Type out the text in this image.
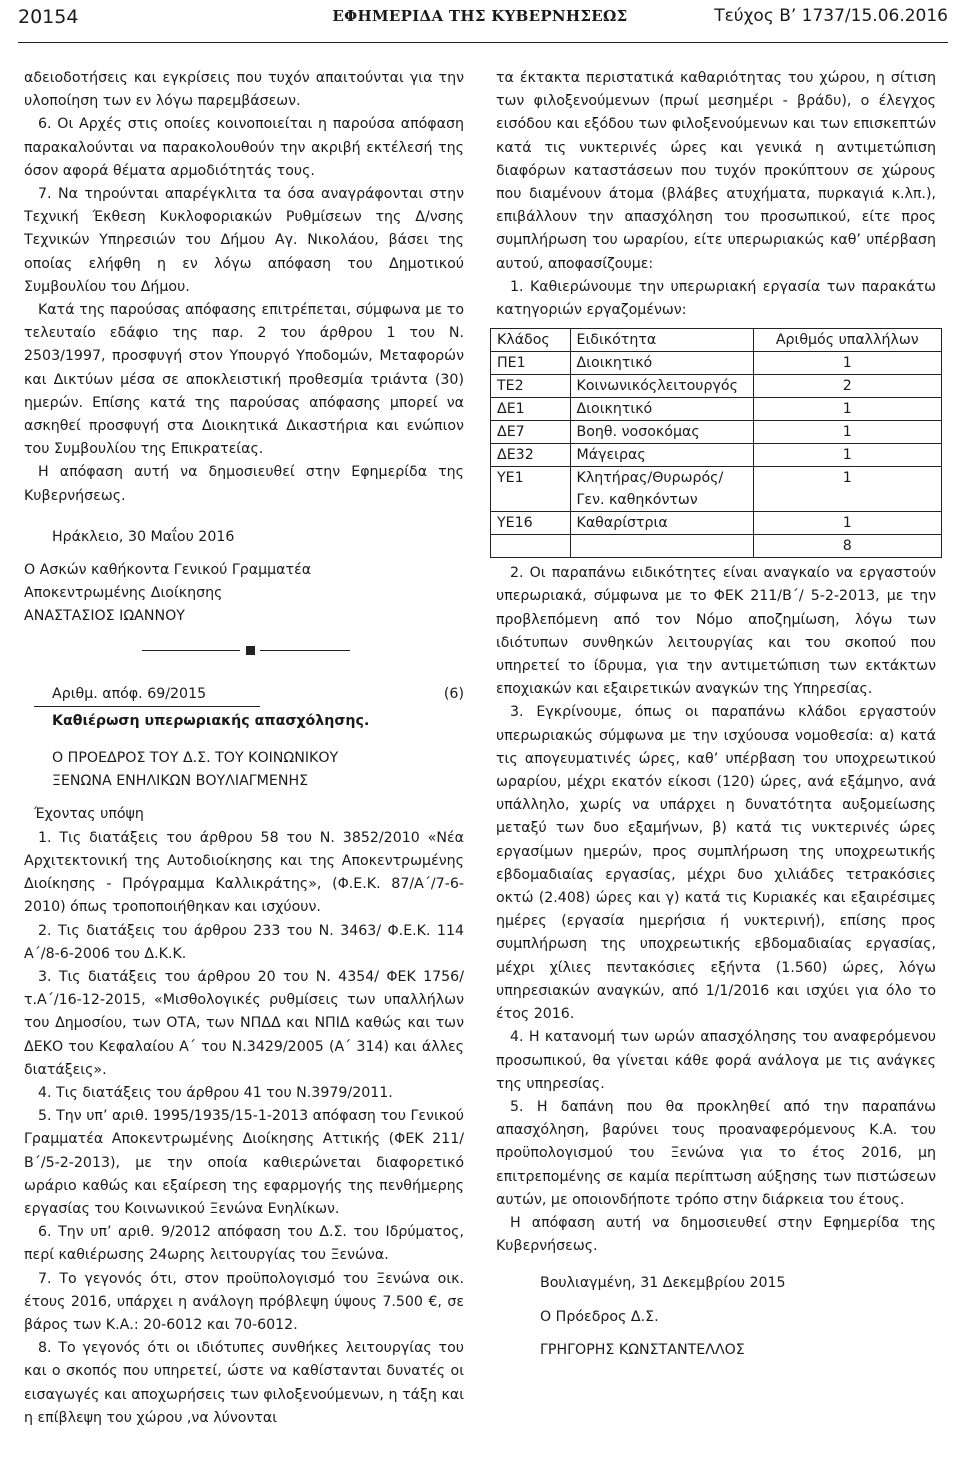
20154	ΕΦΗΜΕΡΙΔΑ ΤΗΣ ΚΥΒΕΡΝΗΣΕΩΣ	Τεύχος Β’ 1737/15.06.2016

αδειοδοτήσεις και εγκρίσεις που τυχόν απαιτούνται για την υλοποίηση των εν λόγω παρεμβάσεων.

6. Οι Αρχές στις οποίες κοινοποιείται η παρούσα απόφαση παρακαλούνται να παρακολουθούν την ακριβή εκτέλεσή της όσον αφορά θέματα αρμοδιότητάς τους.

7. Να τηρούνται απαρέγκλιτα τα όσα αναγράφονται στην Τεχνική Έκθεση Κυκλοφοριακών Ρυθμίσεων της Δ/νσης Τεχνικών Υπηρεσιών του Δήμου Αγ. Νικολάου, βάσει της οποίας ελήφθη η εν λόγω απόφαση του Δημοτικού Συμβουλίου του Δήμου.

Κατά της παρούσας απόφασης επιτρέπεται, σύμφωνα με το τελευταίο εδάφιο της παρ. 2 του άρθρου 1 του Ν. 2503/1997, προσφυγή στον Υπουργό Υποδομών, Μεταφορών και Δικτύων μέσα σε αποκλειστική προθεσμία τριάντα (30) ημερών. Επίσης κατά της παρούσας απόφασης μπορεί να ασκηθεί προσφυγή στα Διοικητικά Δικαστήρια και ενώπιον του Συμβουλίου της Επικρατείας.

Η απόφαση αυτή να δημοσιευθεί στην Εφημερίδα της Κυβερνήσεως.

Ηράκλειο, 30 Μαΐου 2016

Ο Ασκών καθήκοντα Γενικού Γραμματέα

Αποκεντρωμένης Διοίκησης

ΑΝΑΣΤΑΣΙΟΣ ΙΩΑΝΝΟΥ

Αριθμ. απόφ. 69/2015	(6)

Καθιέρωση υπερωριακής απασχόλησης.

Ο ΠΡΟΕΔΡΟΣ ΤΟΥ Δ.Σ. ΤΟΥ ΚΟΙΝΩΝΙΚΟΥ

ΞΕΝΩΝΑ ΕΝΗΛΙΚΩΝ ΒΟΥΛΙΑΓΜΕΝΗΣ

Έχοντας υπόψη

1. Τις διατάξεις του άρθρου 58 του Ν. 3852/2010 «Νέα Αρχιτεκτονική της Αυτοδιοίκησης και της Αποκεντρωμένης Διοίκησης - Πρόγραμμα Καλλικράτης», (Φ.Ε.Κ. 87/Α΄/7-6-2010) όπως τροποποιήθηκαν και ισχύουν.

2. Τις διατάξεις του άρθρου 233 του Ν. 3463/ Φ.Ε.Κ. 114 Α΄/8-6-2006 του Δ.Κ.Κ.

3. Τις διατάξεις του άρθρου 20 του Ν. 4354/ ΦΕΚ 1756/τ.Α΄/16-12-2015, «Μισθολογικές ρυθμίσεις των υπαλλήλων του Δημοσίου, των ΟΤΑ, των ΝΠΔΔ και ΝΠΙΔ καθώς και των ΔΕΚΟ του Κεφαλαίου Α΄ του Ν.3429/2005 (Α΄ 314) και άλλες διατάξεις».

4. Τις διατάξεις του άρθρου 41 του Ν.3979/2011.

5. Την υπ’ αριθ. 1995/1935/15-1-2013 απόφαση του Γενικού Γραμματέα Αποκεντρωμένης Διοίκησης Αττικής (ΦΕΚ 211/Β΄/5-2-2013), με την οποία καθιερώνεται διαφορετικό ωράριο καθώς και εξαίρεση της εφαρμογής της πενθήμερης εργασίας του Κοινωνικού Ξενώνα Ενηλίκων.

6. Την υπ’ αριθ. 9/2012 απόφαση του Δ.Σ. του Ιδρύματος, περί καθιέρωσης 24ωρης λειτουργίας του Ξενώνα.

7. Το γεγονός ότι, στον προϋπολογισμό του Ξενώνα οικ. έτους 2016, υπάρχει η ανάλογη πρόβλεψη ύψους 7.500 €, σε βάρος των Κ.Α.: 20-6012 και 70-6012.

8. Το γεγονός ότι οι ιδιότυπες συνθήκες λειτουργίας του και ο σκοπός που υπηρετεί, ώστε να καθίστανται δυνατές οι εισαγωγές και αποχωρήσεις των φιλοξενούμενων, η τάξη και η επίβλεψη του χώρου ,να λύνονται

τα έκτακτα περιστατικά καθαριότητας του χώρου, η σίτιση των φιλοξενούμενων (πρωί μεσημέρι - βράδυ), ο έλεγχος εισόδου και εξόδου των φιλοξενούμενων και των επισκεπτών κατά τις νυκτερινές ώρες και γενικά η αντιμετώπιση διαφόρων καταστάσεων που τυχόν προκύπτουν σε χώρους που διαμένουν άτομα (βλάβες ατυχήματα, πυρκαγιά κ.λπ.), επιβάλλουν την απασχόληση του προσωπικού, είτε προς συμπλήρωση του ωραρίου, είτε υπερωριακώς καθ’ υπέρβαση αυτού, αποφασίζουμε:

1. Καθιερώνουμε την υπερωριακή εργασία των παρακάτω κατηγοριών εργαζομένων:

Κλάδος	Ειδικότητα	Αριθμός υπαλλήλων
ΠΕ1	Διοικητικό	1
ΤΕ2	Κοινωνικόςλειτουργός	2
ΔΕ1	Διοικητικό	1
ΔΕ7	Βοηθ. νοσοκόμας	1
ΔΕ32	Μάγειρας	1
ΥΕ1	Κλητήρας/Θυρωρός/ Γεν. καθηκόντων	1
ΥΕ16	Καθαρίστρια	1
		8

2. Οι παραπάνω ειδικότητες είναι αναγκαίο να εργαστούν υπερωριακά, σύμφωνα με το ΦΕΚ 211/Β΄/ 5-2-2013, με την προβλεπόμενη από τον Νόμο αποζημίωση, λόγω των ιδιότυπων συνθηκών λειτουργίας και του σκοπού που υπηρετεί το ίδρυμα, για την αντιμετώπιση των εκτάκτων εποχιακών και εξαιρετικών αναγκών της Υπηρεσίας.

3. Εγκρίνουμε, όπως οι παραπάνω κλάδοι εργαστούν υπερωριακώς σύμφωνα με την ισχύουσα νομοθεσία: α) κατά τις απογευματινές ώρες, καθ’ υπέρβαση του υποχρεωτικού ωραρίου, μέχρι εκατόν είκοσι (120) ώρες, ανά εξάμηνο, ανά υπάλληλο, χωρίς να υπάρχει η δυνατότητα αυξομείωσης μεταξύ των δυο εξαμήνων, β) κατά τις νυκτερινές ώρες εργασίμων ημερών, προς συμπλήρωση της υποχρεωτικής εβδομαδιαίας εργασίας, μέχρι δυο χιλιάδες τετρακόσιες οκτώ (2.408) ώρες και γ) κατά τις Κυριακές και εξαιρέσιμες ημέρες (εργασία ημερήσια ή νυκτερινή), επίσης προς συμπλήρωση της υποχρεωτικής εβδομαδιαίας εργασίας, μέχρι χίλιες πεντακόσιες εξήντα (1.560) ώρες, λόγω υπηρεσιακών αναγκών, από 1/1/2016 και ισχύει για όλο το έτος 2016.

4. Η κατανομή των ωρών απασχόλησης του αναφερόμενου προσωπικού, θα γίνεται κάθε φορά ανάλογα με τις ανάγκες της υπηρεσίας.

5. Η δαπάνη που θα προκληθεί από την παραπάνω απασχόληση, βαρύνει τους προαναφερόμενους Κ.Α. του προϋπολογισμού του Ξενώνα για το έτος 2016, μη επιτρεπομένης σε καμία περίπτωση αύξησης των πιστώσεων αυτών, με οποιονδήποτε τρόπο στην διάρκεια του έτους.

Η απόφαση αυτή να δημοσιευθεί στην Εφημερίδα της Κυβερνήσεως.

Βουλιαγμένη, 31 Δεκεμβρίου 2015

Ο Πρόεδρος Δ.Σ.

ΓΡΗΓΟΡΗΣ ΚΩΝΣΤΑΝΤΕΛΛΟΣ
